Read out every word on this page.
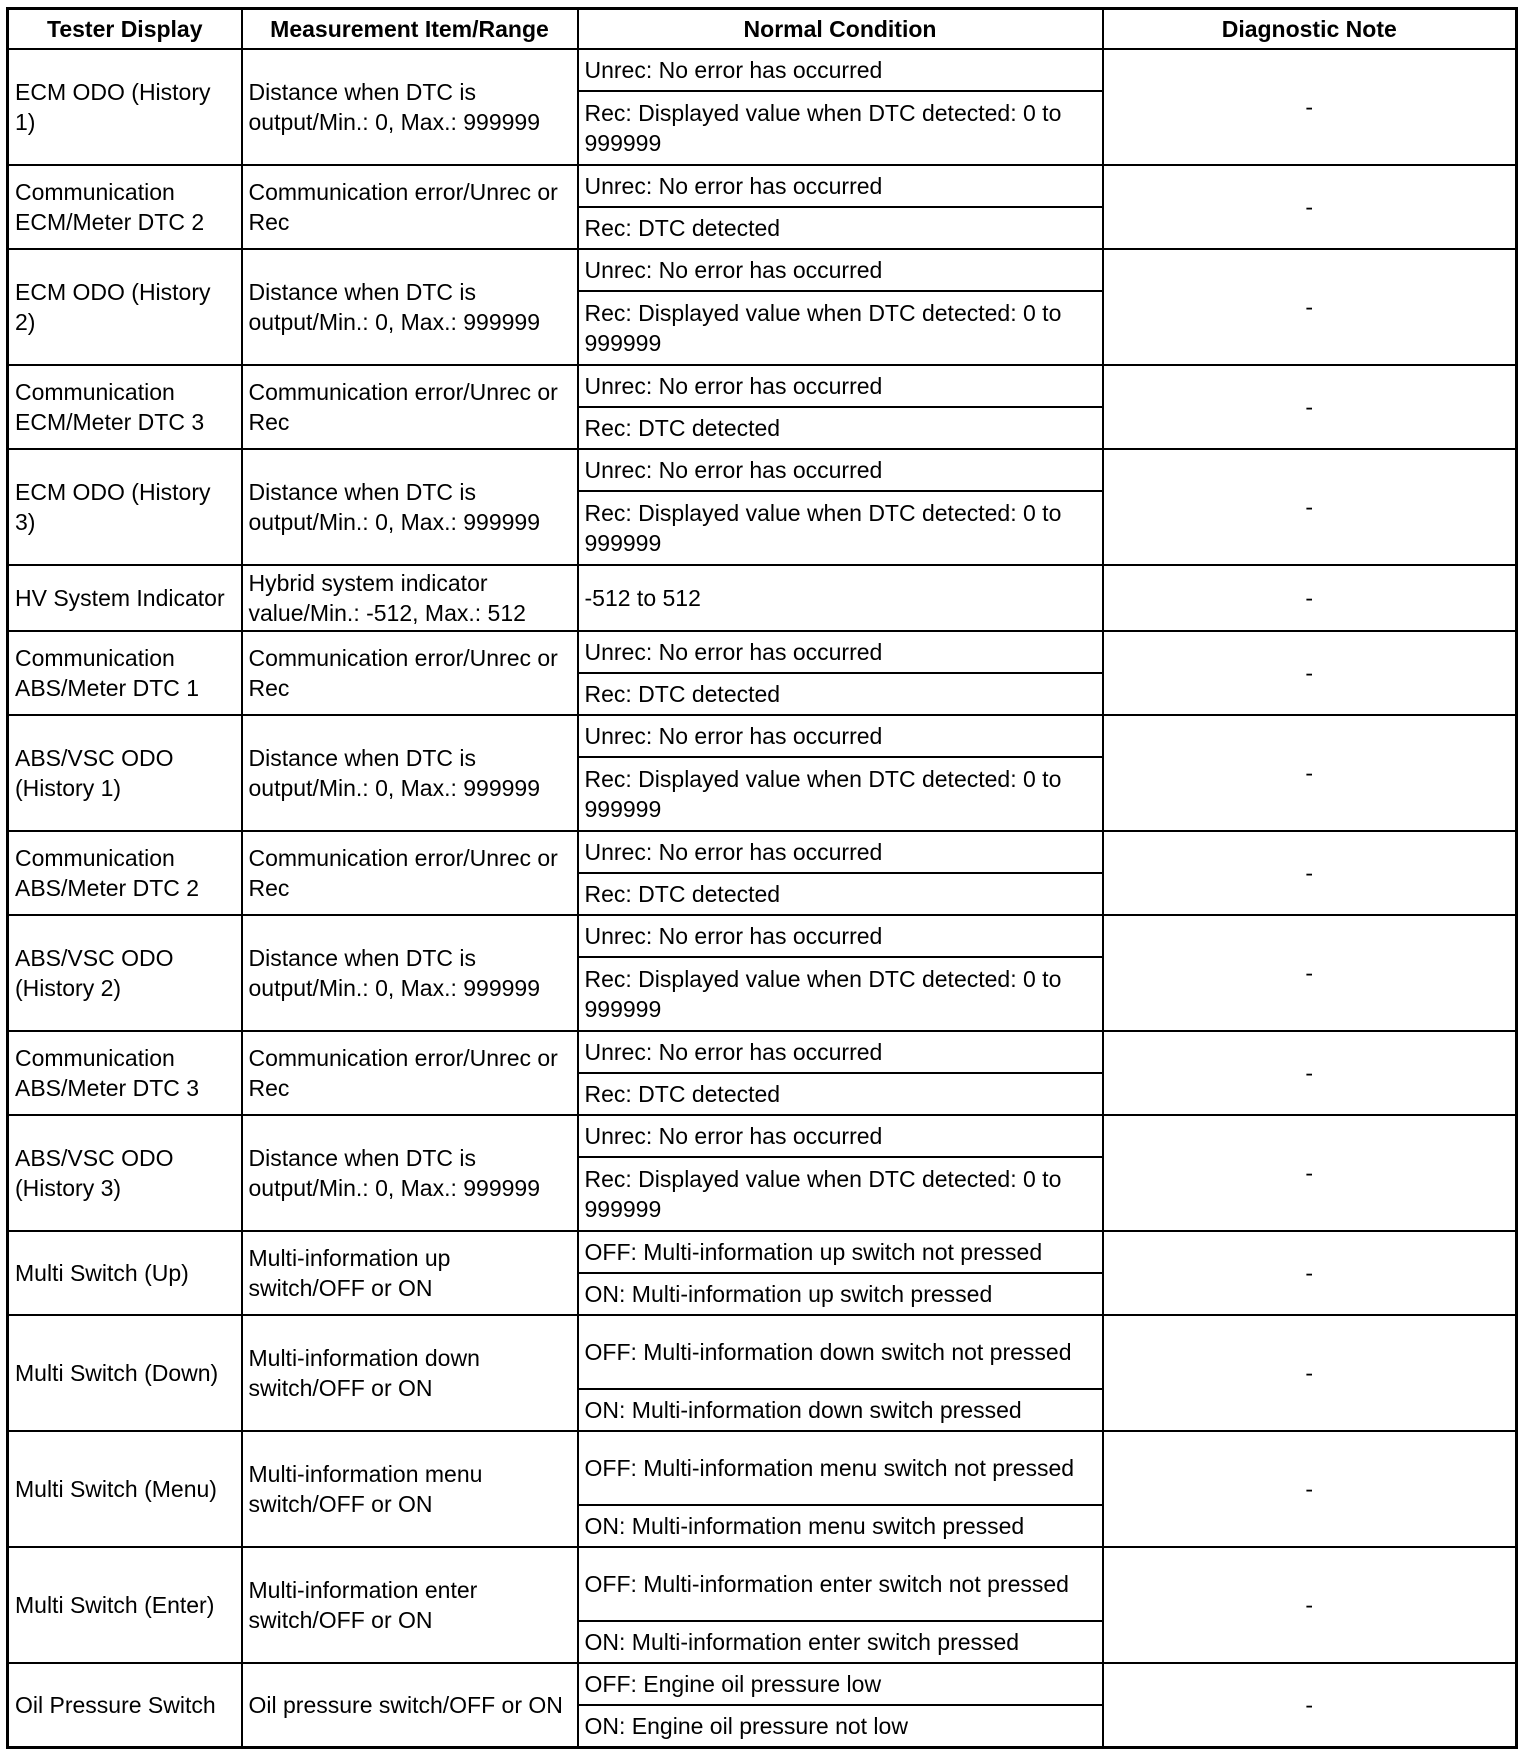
Tester Display	Measurement Item/Range	Normal Condition	Diagnostic Note
ECM ODO (History 1)	Distance when DTC is output/Min.: 0, Max.: 999999	Unrec: No error has occurred	-
		Rec: Displayed value when DTC detected: 0 to 999999	
Communication ECM/Meter DTC 2	Communication error/Unrec or Rec	Unrec: No error has occurred	-
		Rec: DTC detected	
ECM ODO (History 2)	Distance when DTC is output/Min.: 0, Max.: 999999	Unrec: No error has occurred	-
		Rec: Displayed value when DTC detected: 0 to 999999	
Communication ECM/Meter DTC 3	Communication error/Unrec or Rec	Unrec: No error has occurred	-
		Rec: DTC detected	
ECM ODO (History 3)	Distance when DTC is output/Min.: 0, Max.: 999999	Unrec: No error has occurred	-
		Rec: Displayed value when DTC detected: 0 to 999999	
HV System Indicator	Hybrid system indicator value/Min.: -512, Max.: 512	-512 to 512	-
Communication ABS/Meter DTC 1	Communication error/Unrec or Rec	Unrec: No error has occurred	-
		Rec: DTC detected	
ABS/VSC ODO (History 1)	Distance when DTC is output/Min.: 0, Max.: 999999	Unrec: No error has occurred	-
		Rec: Displayed value when DTC detected: 0 to 999999	
Communication ABS/Meter DTC 2	Communication error/Unrec or Rec	Unrec: No error has occurred	-
		Rec: DTC detected	
ABS/VSC ODO (History 2)	Distance when DTC is output/Min.: 0, Max.: 999999	Unrec: No error has occurred	-
		Rec: Displayed value when DTC detected: 0 to 999999	
Communication ABS/Meter DTC 3	Communication error/Unrec or Rec	Unrec: No error has occurred	-
		Rec: DTC detected	
ABS/VSC ODO (History 3)	Distance when DTC is output/Min.: 0, Max.: 999999	Unrec: No error has occurred	-
		Rec: Displayed value when DTC detected: 0 to 999999	
Multi Switch (Up)	Multi-information up switch/OFF or ON	OFF: Multi-information up switch not pressed	-
		ON: Multi-information up switch pressed	
Multi Switch (Down)	Multi-information down switch/OFF or ON	OFF: Multi-information down switch not pressed	-
		ON: Multi-information down switch pressed	
Multi Switch (Menu)	Multi-information menu switch/OFF or ON	OFF: Multi-information menu switch not pressed	-
		ON: Multi-information menu switch pressed	
Multi Switch (Enter)	Multi-information enter switch/OFF or ON	OFF: Multi-information enter switch not pressed	-
		ON: Multi-information enter switch pressed	
Oil Pressure Switch	Oil pressure switch/OFF or ON	OFF: Engine oil pressure low	-
		ON: Engine oil pressure not low	
